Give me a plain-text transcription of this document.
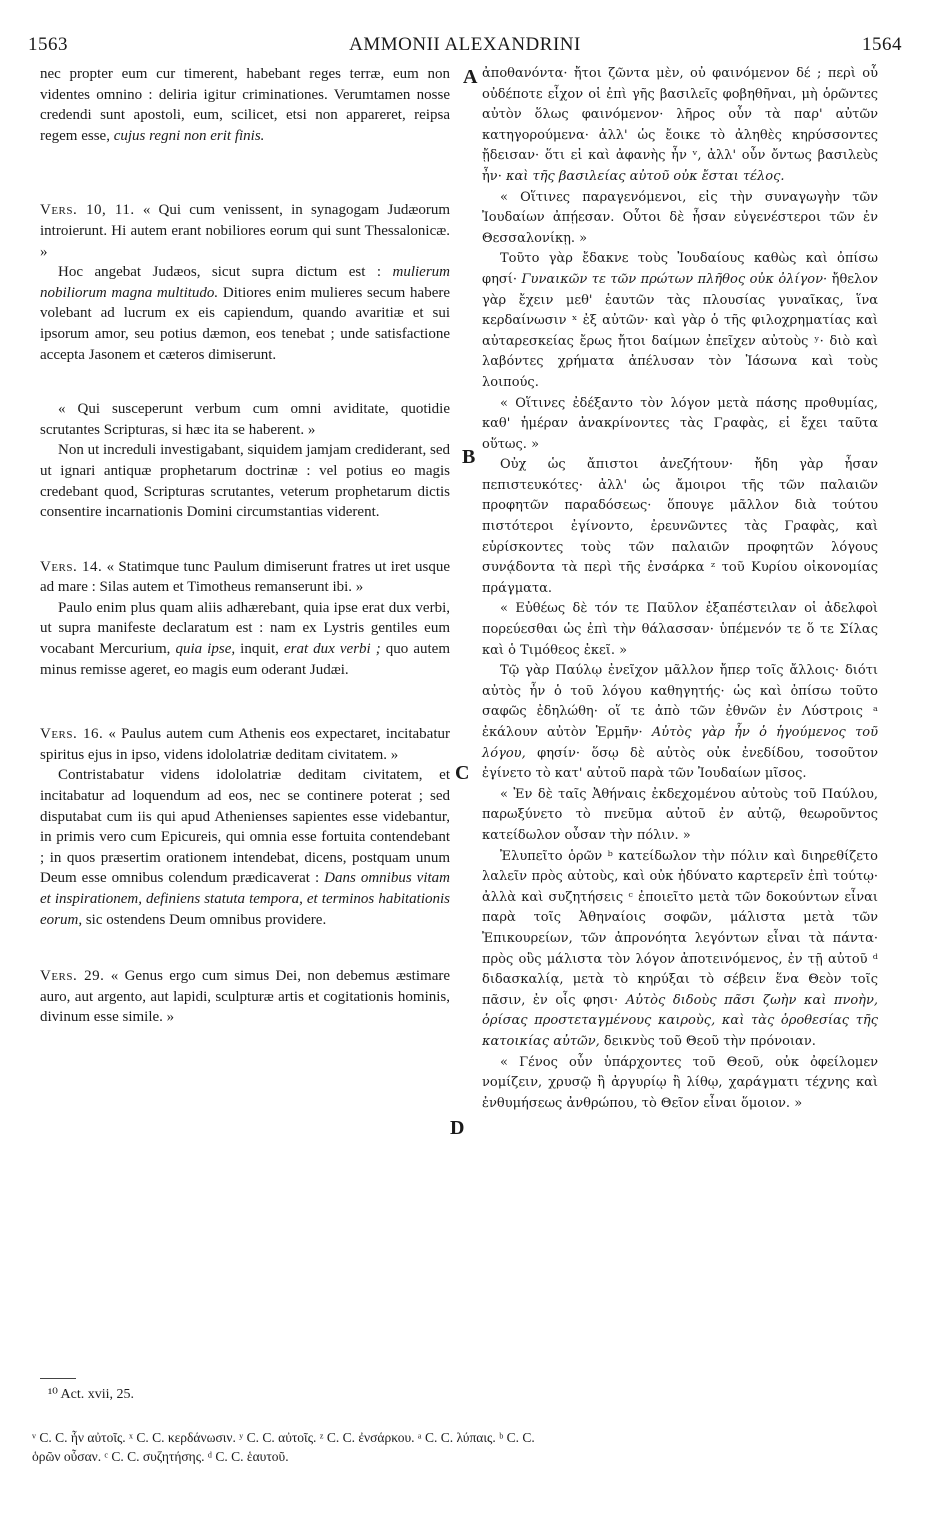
1563	AMMONII ALEXANDRINI	1564

nec propter eum cur timerent, habebant reges terræ, eum non videntes omnino : deliria igitur criminationes. Verumtamen nosse credendi sunt apostoli, eum, scilicet, etsi non appareret, reipsa regem esse, cujus regni non erit finis.

Vers. 10, 11. « Qui cum venissent, in synagogam Judæorum introierunt. Hi autem erant nobiliores eorum qui sunt Thessalonicæ. »

Hoc angebat Judæos, sicut supra dictum est : mulierum nobiliorum magna multitudo. Ditiores enim mulieres secum habere volebant ad lucrum ex eis capiendum, quando avaritiæ et sui ipsorum amor, seu potius dæmon, eos tenebat ; unde satisfactione accepta Jasonem et cæteros dimiserunt.

« Qui susceperunt verbum cum omni aviditate, quotidie scrutantes Scripturas, si hæc ita se haberent. »

Non ut increduli investigabant, siquidem jamjam crediderant, sed ut ignari antiquæ prophetarum doctrinæ : vel potius eo magis credebant quod, Scripturas scrutantes, veterum prophetarum dictis consentire incarnationis Domini circumstantias viderent.

Vers. 14. « Statimque tunc Paulum dimiserunt fratres ut iret usque ad mare : Silas autem et Timotheus remanserunt ibi. »

Paulo enim plus quam aliis adhærebant, quia ipse erat dux verbi, ut supra manifeste declaratum est : nam ex Lystris gentiles eum vocabant Mercurium, quia ipse, inquit, erat dux verbi ; quo autem minus remisse ageret, eo magis eum oderant Judæi.

Vers. 16. « Paulus autem cum Athenis eos expectaret, incitabatur spiritus ejus in ipso, videns idololatriæ deditam civitatem. »

Contristabatur videns idololatriæ deditam civitatem, et incitabatur ad loquendum ad eos, nec se continere poterat ; sed disputabat cum iis qui apud Athenienses sapientes esse videbantur, in primis vero cum Epicureis, qui omnia esse fortuita contendebant ; in quos præsertim orationem intendebat, dicens, postquam unum Deum esse omnibus colendum prædicaverat : Dans omnibus vitam et inspirationem, definiens statuta tempora, et terminos habitationis eorum, sic ostendens Deum omnibus providere.

Vers. 29. « Genus ergo cum simus Dei, non debemus æstimare auro, aut argento, aut lapidi, sculpturæ artis et cogitationis hominis, divinum esse simile. »

A
B
C
D

ἀποθανόντα· ἤτοι ζῶντα μὲν, οὐ φαινόμενον δέ ; περὶ οὗ οὐδέποτε εἶχον οἱ ἐπὶ γῆς βασιλεῖς φοβηθῆναι, μὴ ὁρῶντες αὐτὸν ὅλως φαινόμενον· λῆρος οὖν τὰ παρ' αὐτῶν κατηγορούμενα· ἀλλ' ὡς ἔοικε τὸ ἀληθὲς κηρύσσοντες ᾔδεισαν· ὅτι εἰ καὶ ἀφανὴς ἦν ᵛ, ἀλλ' οὖν ὄντως βασιλεὺς ἦν· καὶ τῆς βασιλείας αὐτοῦ οὐκ ἔσται τέλος.

« Οἵτινες παραγενόμενοι, εἰς τὴν συναγωγὴν τῶν Ἰουδαίων ἀπῄεσαν. Οὗτοι δὲ ἦσαν εὐγενέστεροι τῶν ἐν Θεσσαλονίκῃ. »

Τοῦτο γὰρ ἔδακνε τοὺς Ἰουδαίους καθὼς καὶ ὀπίσω φησί· Γυναικῶν τε τῶν πρώτων πλῆθος οὐκ ὀλίγον· ἤθελον γὰρ ἔχειν μεθ' ἑαυτῶν τὰς πλουσίας γυναῖκας, ἵνα κερδαίνωσιν ˣ ἐξ αὐτῶν· καὶ γὰρ ὁ τῆς φιλοχρηματίας καὶ αὐταρεσκείας ἔρως ἤτοι δαίμων ἐπεῖχεν αὐτοὺς ʸ· διὸ καὶ λαβόντες χρήματα ἀπέλυσαν τὸν Ἰάσωνα καὶ τοὺς λοιπούς.

« Οἵτινες ἐδέξαντο τὸν λόγον μετὰ πάσης προθυμίας, καθ' ἡμέραν ἀνακρίνοντες τὰς Γραφὰς, εἰ ἔχει ταῦτα οὕτως. »

Οὐχ ὡς ἄπιστοι ἀνεζήτουν· ἤδη γὰρ ἦσαν πεπιστευκότες· ἀλλ' ὡς ἄμοιροι τῆς τῶν παλαιῶν προφητῶν παραδόσεως· ὅπουγε μᾶλλον διὰ τούτου πιστότεροι ἐγίνοντο, ἐρευνῶντες τὰς Γραφὰς, καὶ εὑρίσκοντες τοὺς τῶν παλαιῶν προφητῶν λόγους συνᾴδοντα τὰ περὶ τῆς ἐνσάρκα ᶻ τοῦ Κυρίου οἰκονομίας πράγματα.

« Εὐθέως δὲ τόν τε Παῦλον ἐξαπέστειλαν οἱ ἀδελφοὶ πορεύεσθαι ὡς ἐπὶ τὴν θάλασσαν· ὑπέμενόν τε ὅ τε Σίλας καὶ ὁ Τιμόθεος ἐκεῖ. »

Τῷ γὰρ Παύλῳ ἐνεῖχον μᾶλλον ἤπερ τοῖς ἄλλοις· διότι αὐτὸς ἦν ὁ τοῦ λόγου καθηγητής· ὡς καὶ ὀπίσω τοῦτο σαφῶς ἐδηλώθη· οἵ τε ἀπὸ τῶν ἐθνῶν ἐν Λύστροις ᵃ ἐκάλουν αὐτὸν Ἑρμῆν· Αὐτὸς γὰρ ἦν ὁ ἡγούμενος τοῦ λόγου, φησίν· ὅσῳ δὲ αὐτὸς οὐκ ἐνεδίδου, τοσοῦτον ἐγίνετο τὸ κατ' αὐτοῦ παρὰ τῶν Ἰουδαίων μῖσος.

« Ἐν δὲ ταῖς Ἀθήναις ἐκδεχομένου αὐτοὺς τοῦ Παύλου, παρωξύνετο τὸ πνεῦμα αὐτοῦ ἐν αὐτῷ, θεωροῦντος κατείδωλον οὖσαν τὴν πόλιν. »

Ἐλυπεῖτο ὁρῶν ᵇ κατείδωλον τὴν πόλιν καὶ διηρεθίζετο λαλεῖν πρὸς αὐτοὺς, καὶ οὐκ ἠδύνατο καρτερεῖν ἐπὶ τούτῳ· ἀλλὰ καὶ συζητήσεις ᶜ ἐποιεῖτο μετὰ τῶν δοκούντων εἶναι παρὰ τοῖς Ἀθηναίοις σοφῶν, μάλιστα μετὰ τῶν Ἐπικουρείων, τῶν ἀπρονόητα λεγόντων εἶναι τὰ πάντα· πρὸς οὓς μάλιστα τὸν λόγον ἀποτεινόμενος, ἐν τῇ αὐτοῦ ᵈ διδασκαλίᾳ, μετὰ τὸ κηρύξαι τὸ σέβειν ἕνα Θεὸν τοῖς πᾶσιν, ἐν οἷς φησι· Αὐτὸς διδοὺς πᾶσι ζωὴν καὶ πνοὴν, ὁρίσας προστεταγμένους καιροὺς, καὶ τὰς ὁροθεσίας τῆς κατοικίας αὐτῶν, δεικνὺς τοῦ Θεοῦ τὴν πρόνοιαν.

« Γένος οὖν ὑπάρχοντες τοῦ Θεοῦ, οὐκ ὀφείλομεν νομίζειν, χρυσῷ ἢ ἀργυρίῳ ἢ λίθῳ, χαράγματι τέχνης καὶ ἐνθυμήσεως ἀνθρώπου, τὸ Θεῖον εἶναι ὅμοιον. »

¹⁰ Act. xvii, 25.
ᵛ C. C. ἦν αὐτοῖς. ˣ C. C. κερδάνωσιν. ʸ C. C. αὐτοῖς. ᶻ C. C. ἐνσάρκου. ᵃ C. C. λύπαις. ᵇ C. C.
ὁρῶν οὖσαν. ᶜ C. C. συζητήσης. ᵈ C. C. ἑαυτοῦ.
